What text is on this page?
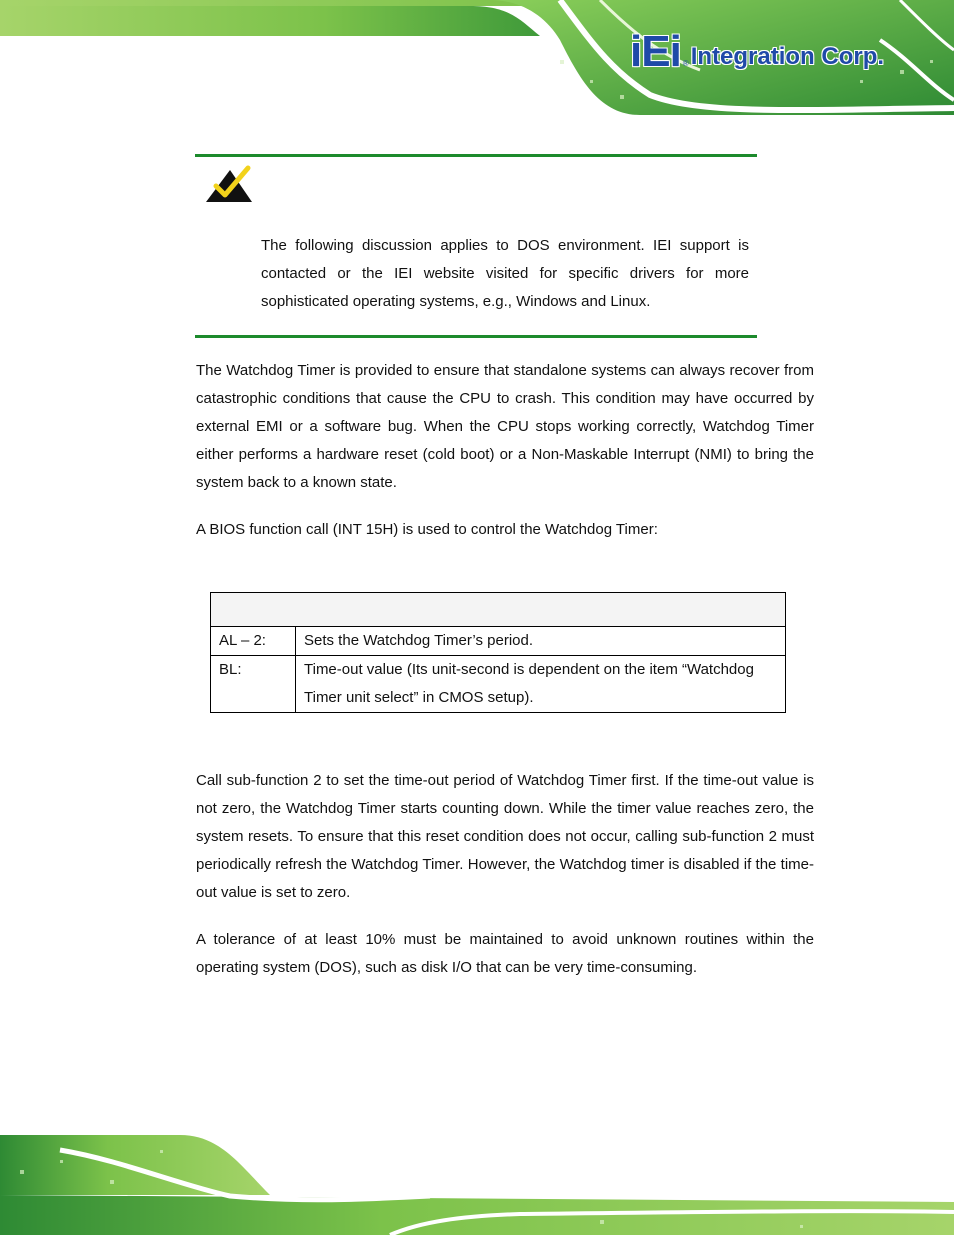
iEi ® Integration Corp.

The following discussion applies to DOS environment. IEI support is contacted or the IEI website visited for specific drivers for more sophisticated operating systems, e.g., Windows and Linux.

The Watchdog Timer is provided to ensure that standalone systems can always recover from catastrophic conditions that cause the CPU to crash. This condition may have occurred by external EMI or a software bug. When the CPU stops working correctly, Watchdog Timer either performs a hardware reset (cold boot) or a Non-Maskable Interrupt (NMI) to bring the system back to a known state.

A BIOS function call (INT 15H) is used to control the Watchdog Timer:

AL – 2:	Sets the Watchdog Timer’s period.
BL:	Time-out value (Its unit-second is dependent on the item “Watchdog Timer unit select” in CMOS setup).

Call sub-function 2 to set the time-out period of Watchdog Timer first. If the time-out value is not zero, the Watchdog Timer starts counting down. While the timer value reaches zero, the system resets. To ensure that this reset condition does not occur, calling sub-function 2 must periodically refresh the Watchdog Timer. However, the Watchdog timer is disabled if the time-out value is set to zero.

A tolerance of at least 10% must be maintained to avoid unknown routines within the operating system (DOS), such as disk I/O that can be very time-consuming.
